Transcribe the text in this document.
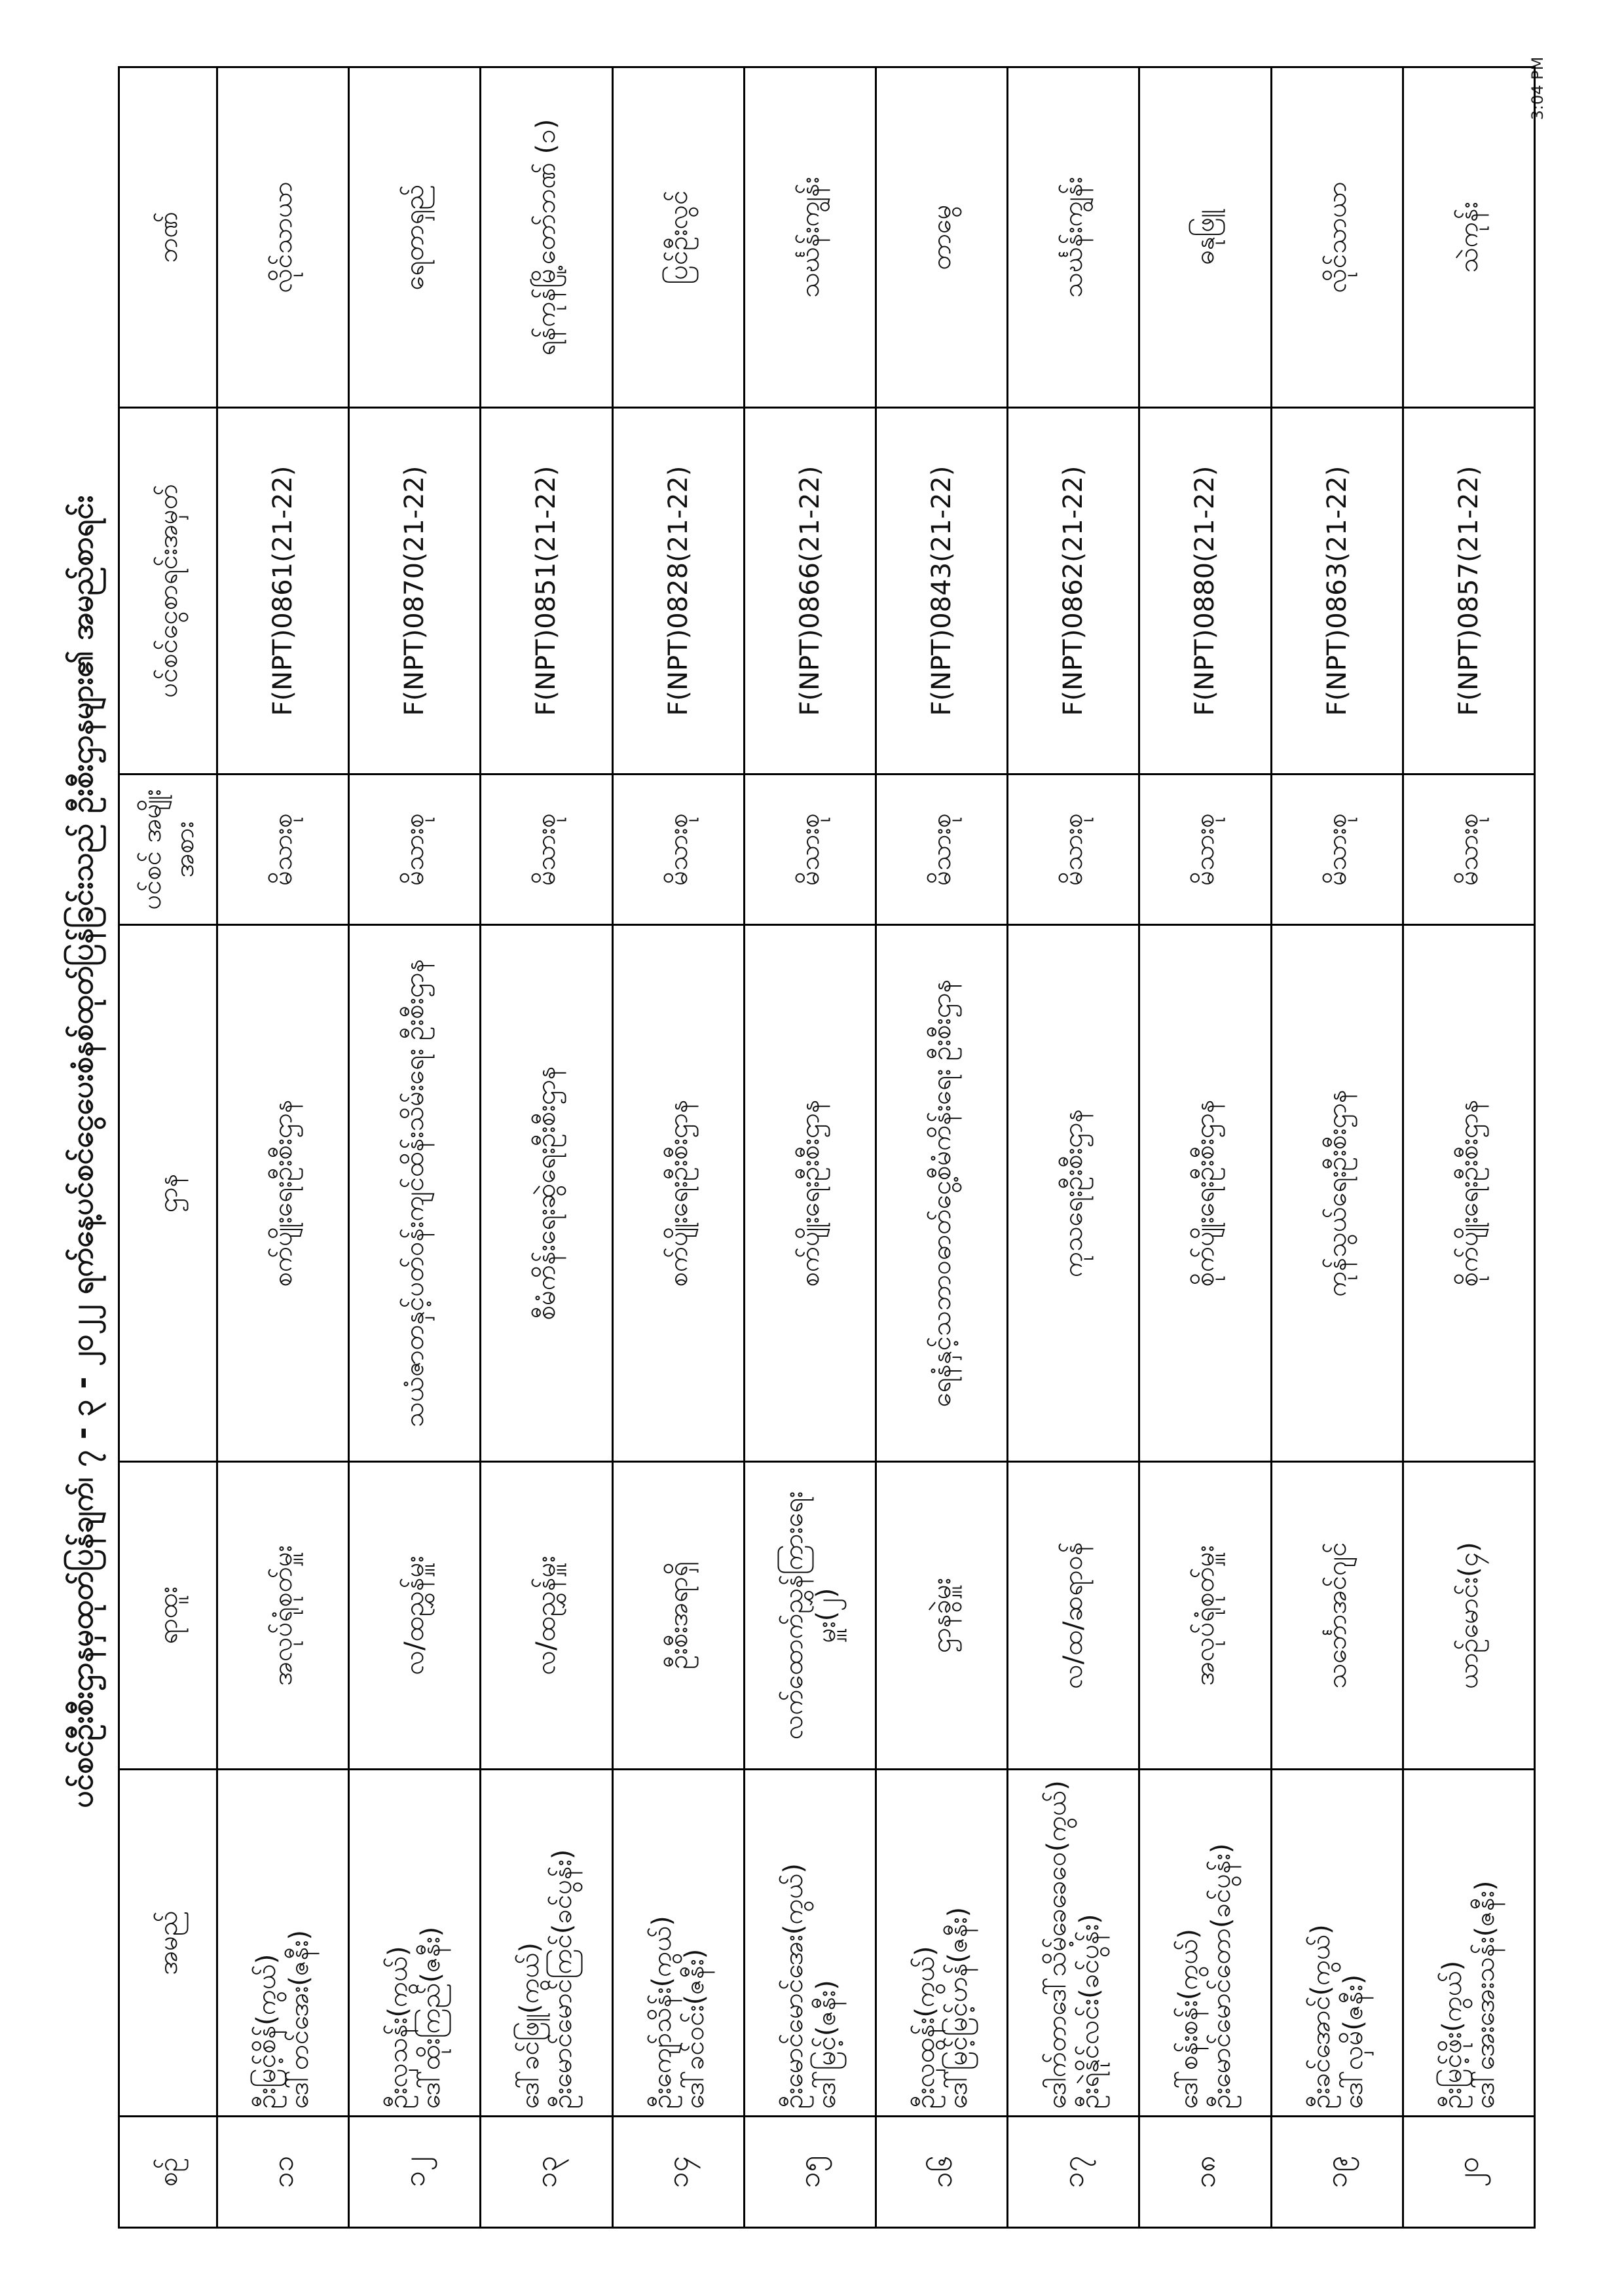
3:04 PM
ပင်စင်ဦးစီးဌာနမှထုတ်ပြန်ချက်၊ ၇ - ၃ - ၂၀၂၂ ရက်နေ့ပင်စင်ငွေပေးစံနစ်ထုတ်ပြန်ခြင်းသည် ဦးစီးဌာနများ၏ အမည်စာရင်း
စဉ်	အမည်	ရာထူး	ဌာန	ပင်စင် အမျိုးအစား	ပင်စင်ငွေစာရင်းအမှတ်	ဘဏ်
၁၁	ဦးမြင့်စိန်(ကွယ်) ဒေါ်တင်အေး(ဇနီး)	အလုပ်ရုံစုတ်မှူး	စက်ပျိုးရေးဦးစီးဌာန	မိသားစု	F(NPT)0861(21-22)	လိုင်သာယာ
၁၂	ဦးလှသန်း(ကွယ်) ဒေါ်ထိုးကြည်(ဇနီး)	လ/ထညွှန်မှူး	သယံဇာတနှင့်ပတ်ဝန်းကျင်ထိန်းသိမ်းရေး ဦးစီးဌာန	မိသားစု	F(NPT)0870(21-22)	ရေတာရှည်
၁၃	ဒေါ်ခင်ဖြူ(ကွယ်) ဦးမောင်မောင်ကြင်(ခင်ပွန်း)	လ/ထညွှန်မှူး	စီမံကိန်းရေးဆွဲရေးဦးစီးဌာန	မိသားစု	F(NPT)0851(21-22)	ရန်ကုန်မြို့တော်ဘဏ် (၁)
၁၄	ဦးကျော်သိန်း(ကွယ်) ဒေါ်ခင်ဝင်း(ဇနီး)	ဦးစီးအရာရှိ	စက်ပျိုးရေးဦးစီးဌာန	မိသားစု	F(NPT)0828(21-22)	ပြင်ဦးလွင်
၁၅	ဦးမောင်မောင်အေး(ကွယ်) ဒေါ်မြင့်(ဇနီး)	လက်ထောက်ညွှန်ကြားရေးမှူး(၂)	စက်ပျိုးရေးဦးစီးဌာန	မိသားစု	F(NPT)0866(21-22)	သင်္ဃန်းကျွန်း
၁၆	ဦးလှထွန်း(ကွယ်) ဒေါ်မြင့်မြင့်ဟန်(ဇနီး)	ဌာနခွဲမှူး	ရေနံနှင့်သဘာဝဓာတ်ငွေ့စီမံကိန်းရေး ဦးစီးဌာန	မိသားစု	F(NPT)0843(21-22)	တာမွေ
၁၇	ဒေါက်တာဒေါ်သိမ့်ခေခေဝေ(ကွယ်) ဦးရဲနိုင်လင်း(ခင်ပွန်း)	လ/ထ/ဆရာဝန်	ကုသရေးဦးစီးဌာန	မိသားစု	F(NPT)0862(21-22)	သင်္ဃန်းကျွန်း
၁၈	ဒေါ်စန်းစန်း(ကွယ်) ဦးမောင်မောင်တော(ခင်ပွန်း)	အလုပ်ရုံစုတ်မှူး	စိုက်ပျိုးရေးဦးစီးဌာန	မိသားစု	F(NPT)0880(21-22)	ဓနုဖြူ
၁၉	ဦးခင်အောင်(ကွယ်) ဒေါ်လှမိ(ဇနီး)	သင်္ဘောအင်ဂျင်	ကုန်သွယ်ရေးဦးစီးဌာန	မိသားစု	F(NPT)0863(21-22)	လိုင်သာယာ
၂၀	ဦးမြင့်ဖိုး(ကွယ်) ဒေါ်အေးအေးသန်း(ဇနီး)	ယာဉ်မောင်း(၄)	စိုက်ပျိုးရေးဦးစီးဌာန	မိသားစု	F(NPT)0857(21-22)	သဲကုန်း
